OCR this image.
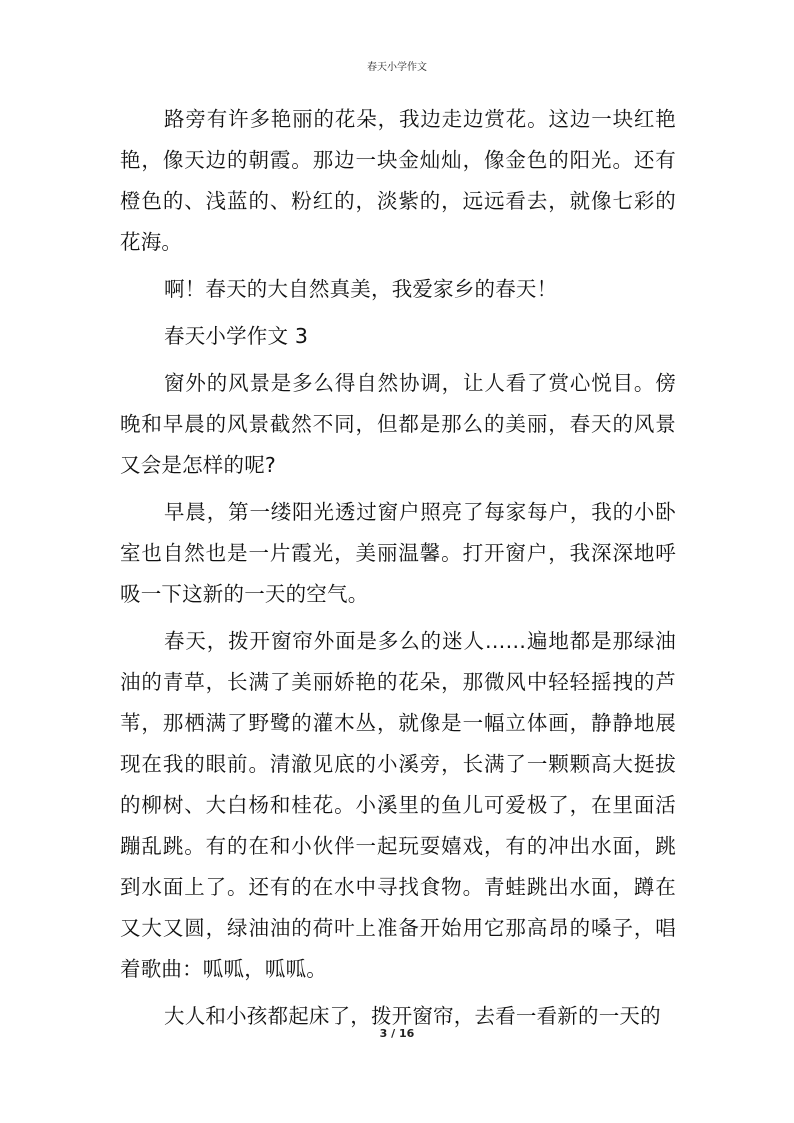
春天小学作文

路旁有许多艳丽的花朵，我边走边赏花。这边一块红艳艳，像天边的朝霞。那边一块金灿灿，像金色的阳光。还有橙色的、浅蓝的、粉红的，淡紫的，远远看去，就像七彩的花海。

啊！春天的大自然真美，我爱家乡的春天！

春天小学作文 3

窗外的风景是多么得自然协调，让人看了赏心悦目。傍晚和早晨的风景截然不同，但都是那么的美丽，春天的风景又会是怎样的呢?

早晨，第一缕阳光透过窗户照亮了每家每户，我的小卧室也自然也是一片霞光，美丽温馨。打开窗户，我深深地呼吸一下这新的一天的空气。

春天，拨开窗帘外面是多么的迷人……遍地都是那绿油油的青草，长满了美丽娇艳的花朵，那微风中轻轻摇拽的芦苇，那栖满了野鹭的灌木丛，就像是一幅立体画，静静地展现在我的眼前。清澈见底的小溪旁，长满了一颗颗高大挺拔的柳树、大白杨和桂花。小溪里的鱼儿可爱极了，在里面活蹦乱跳。有的在和小伙伴一起玩耍嬉戏，有的冲出水面，跳到水面上了。还有的在水中寻找食物。青蛙跳出水面，蹲在又大又圆，绿油油的荷叶上准备开始用它那高昂的嗓子，唱着歌曲：呱呱，呱呱。

大人和小孩都起床了，拨开窗帘，去看一看新的一天的

3 / 16
